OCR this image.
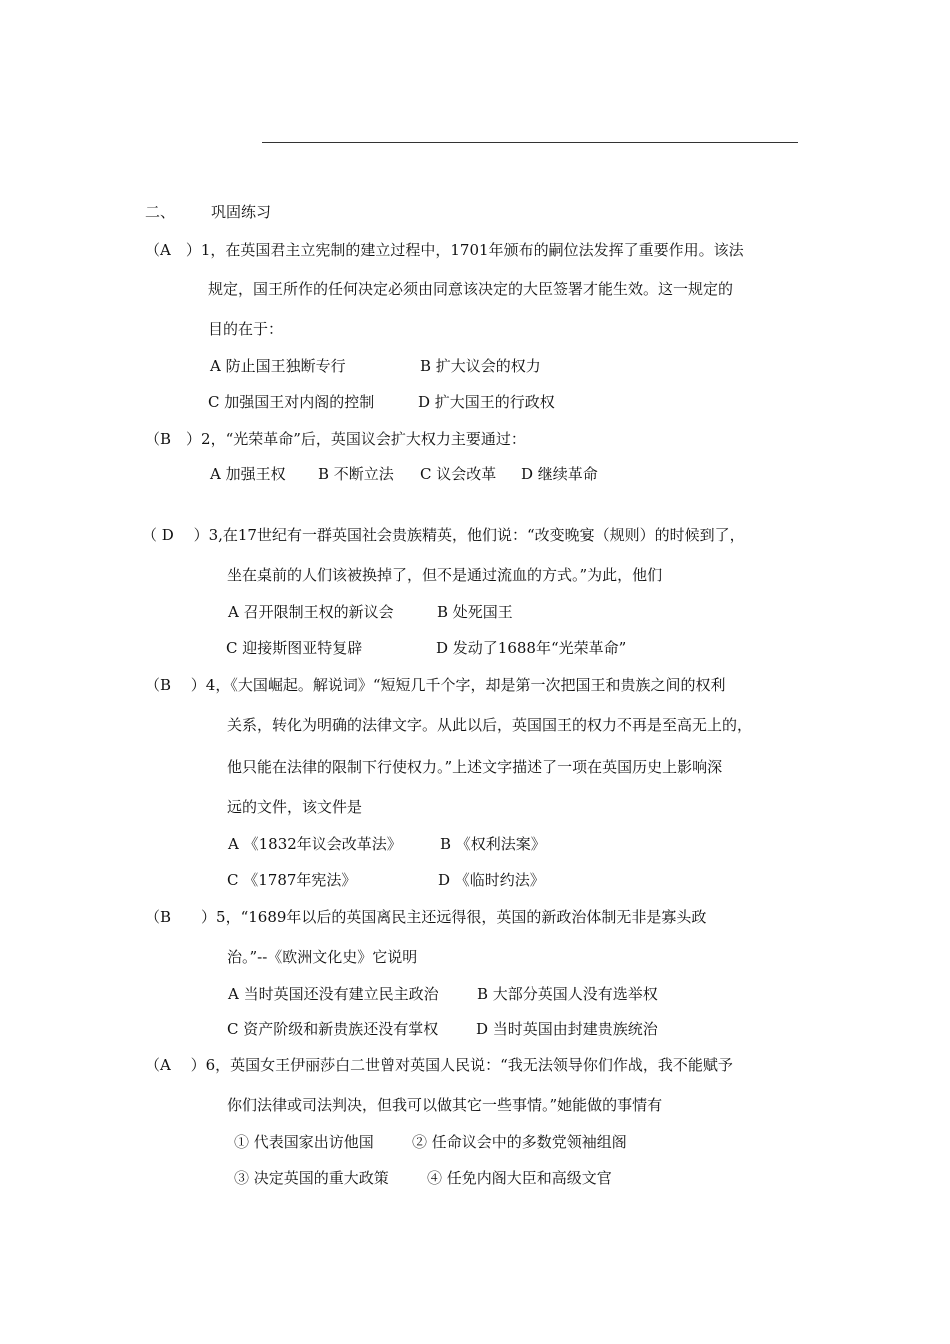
二、 巩固练习
（A　）1，在英国君主立宪制的建立过程中，1701年颁布的嗣位法发挥了重要作用。该法
规定，国王所作的任何决定必须由同意该决定的大臣签署才能生效。这一规定的
目的在于：
A 防止国王独断专行	B 扩大议会的权力
C 加强国王对内阁的控制	D 扩大国王的行政权
（B　）2，“光荣革命”后，英国议会扩大权力主要通过：
A 加强王权 B 不断立法 C 议会改革 D 继续革命
（ D　 ）3,在17世纪有一群英国社会贵族精英，他们说：“改变晚宴（规则）的时候到了，
坐在桌前的人们该被换掉了，但不是通过流血的方式。”为此，他们
A 召开限制王权的新议会	B 处死国王
C 迎接斯图亚特复辟	D 发动了1688年“光荣革命”
（B　 ）4，《大国崛起。解说词》“短短几千个字，却是第一次把国王和贵族之间的权利
关系，转化为明确的法律文字。从此以后，英国国王的权力不再是至高无上的，
他只能在法律的限制下行使权力。”上述文字描述了一项在英国历史上影响深
远的文件，该文件是
A 《1832年议会改革法》	B 《权利法案》
C 《1787年宪法》	D 《临时约法》
（B　　）5，“1689年以后的英国离民主还远得很，英国的新政治体制无非是寡头政
治。”--《欧洲文化史》它说明
A 当时英国还没有建立民主政治	B 大部分英国人没有选举权
C 资产阶级和新贵族还没有掌权	D 当时英国由封建贵族统治
（A　 ）6，英国女王伊丽莎白二世曾对英国人民说：“我无法领导你们作战，我不能赋予
你们法律或司法判决，但我可以做其它一些事情。”她能做的事情有
① 代表国家出访他国	② 任命议会中的多数党领袖组阁
③ 决定英国的重大政策	④ 任免内阁大臣和高级文官
